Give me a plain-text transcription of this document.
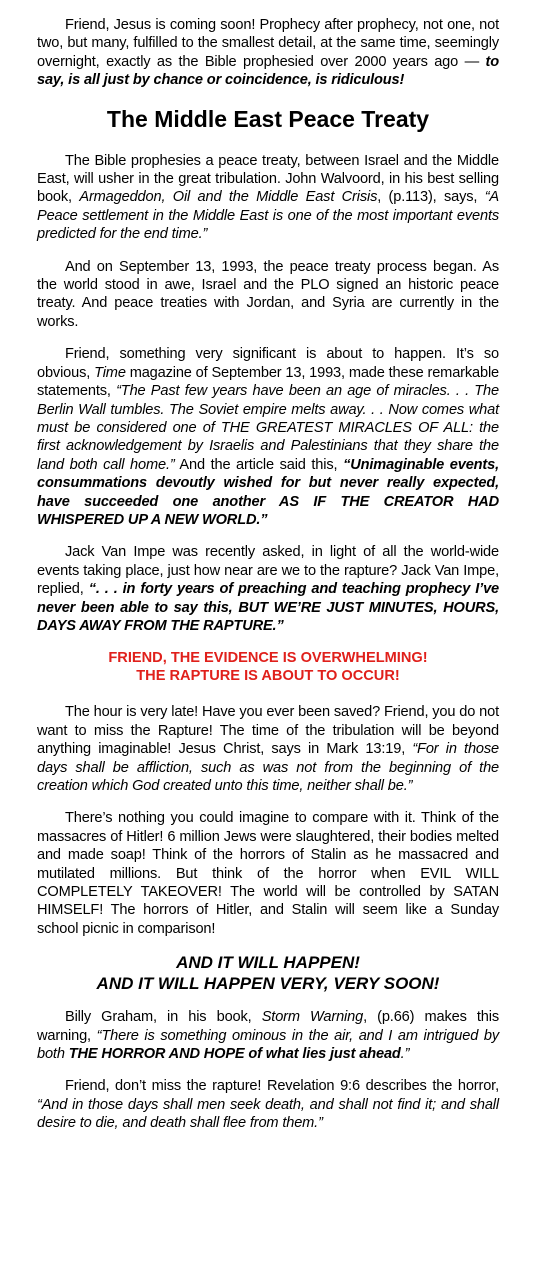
Friend, Jesus is coming soon! Prophecy after prophecy, not one, not two, but many, fulfilled to the smallest detail, at the same time, seemingly overnight, exactly as the Bible prophesied over 2000 years ago — to say, is all just by chance or coincidence, is ridiculous!

The Middle East Peace Treaty

The Bible prophesies a peace treaty, between Israel and the Middle East, will usher in the great tribulation. John Walvoord, in his best selling book, Armageddon, Oil and the Middle East Crisis, (p.113), says, “A Peace settlement in the Middle East is one of the most important events predicted for the end time.”

And on September 13, 1993, the peace treaty process began. As the world stood in awe, Israel and the PLO signed an historic peace treaty. And peace treaties with Jordan, and Syria are currently in the works.

Friend, something very significant is about to happen. It’s so obvious, Time magazine of September 13, 1993, made these remarkable statements, “The Past few years have been an age of miracles. . . The Berlin Wall tumbles. The Soviet empire melts away. . . Now comes what must be considered one of THE GREATEST MIRACLES OF ALL: the first acknowledgement by Israelis and Palestinians that they share the land both call home.” And the article said this, “Unimaginable events, consummations devoutly wished for but never really expected, have succeeded one another AS IF THE CREATOR HAD WHISPERED UP A NEW WORLD.”

Jack Van Impe was recently asked, in light of all the world-wide events taking place, just how near are we to the rapture? Jack Van Impe, replied, “. . . in forty years of preaching and teaching prophecy I’ve never been able to say this, BUT WE’RE JUST MINUTES, HOURS, DAYS AWAY FROM THE RAPTURE.”

FRIEND, THE EVIDENCE IS OVERWHELMING!
THE RAPTURE IS ABOUT TO OCCUR!

The hour is very late! Have you ever been saved? Friend, you do not want to miss the Rapture! The time of the tribulation will be beyond anything imaginable! Jesus Christ, says in Mark 13:19, “For in those days shall be affliction, such as was not from the beginning of the creation which God created unto this time, neither shall be.”

There’s nothing you could imagine to compare with it. Think of the massacres of Hitler! 6 million Jews were slaughtered, their bodies melted and made soap! Think of the horrors of Stalin as he massacred and mutilated millions. But think of the horror when EVIL WILL COMPLETELY TAKEOVER! The world will be controlled by SATAN HIMSELF! The horrors of Hitler, and Stalin will seem like a Sunday school picnic in comparison!

AND IT WILL HAPPEN!
AND IT WILL HAPPEN VERY, VERY SOON!

Billy Graham, in his book, Storm Warning, (p.66) makes this warning, “There is something ominous in the air, and I am intrigued by both THE HORROR AND HOPE of what lies just ahead.”

Friend, don’t miss the rapture! Revelation 9:6 describes the horror, “And in those days shall men seek death, and shall not find it; and shall desire to die, and death shall flee from them.”
